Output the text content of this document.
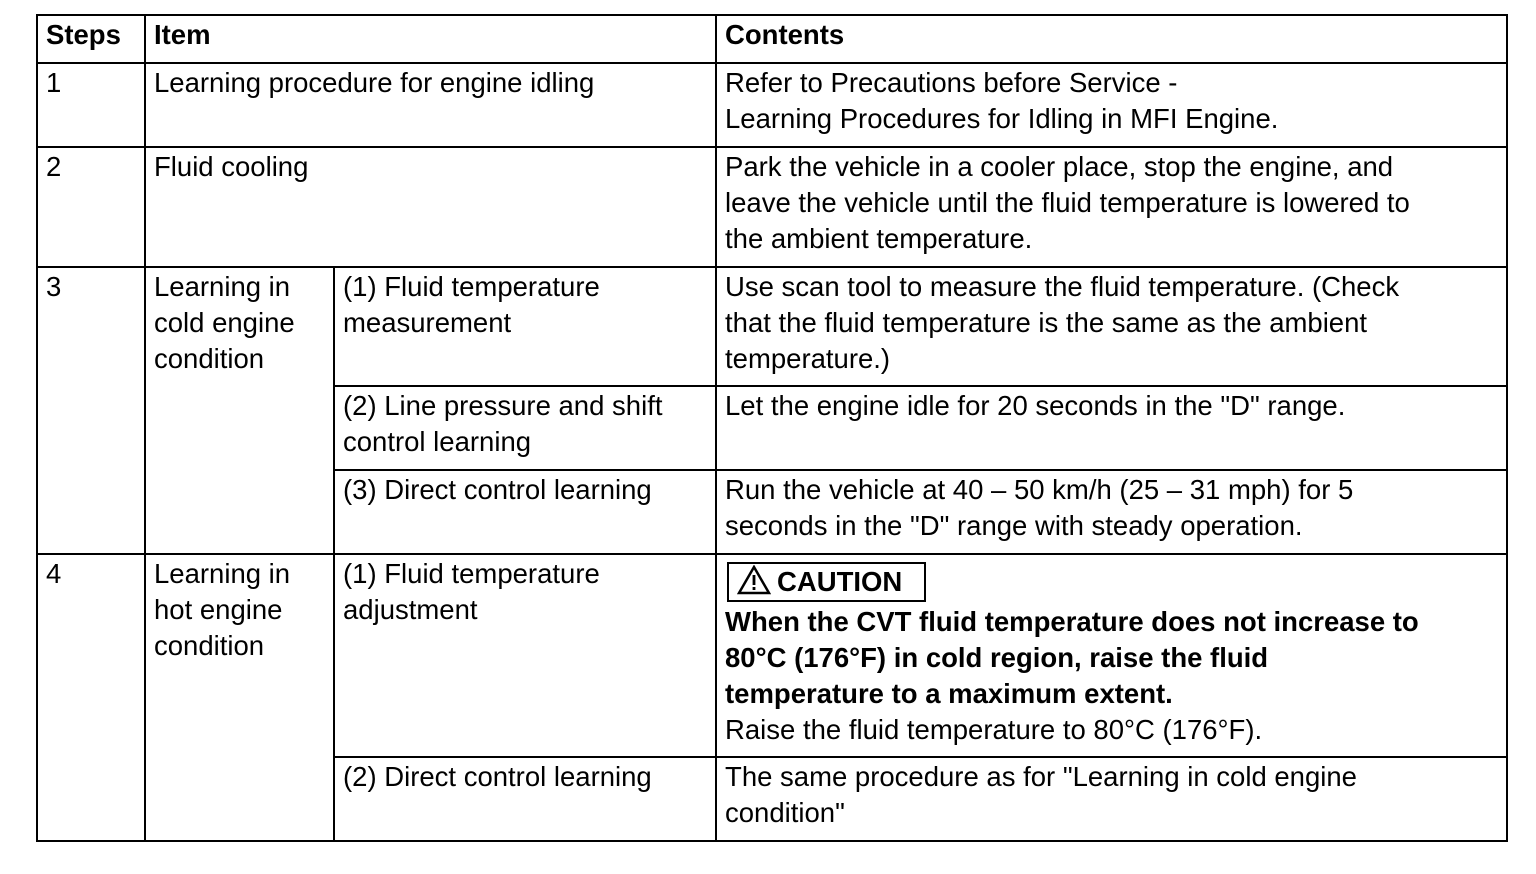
Steps	Item		Contents
1	Learning procedure for engine idling		Refer to Precautions before Service -
Learning Procedures for Idling in MFI Engine.

2	Fluid cooling		Park the vehicle in a cooler place, stop the engine, and
leave the vehicle until the fluid temperature is lowered to
the ambient temperature.

3	Learning in
cold engine
condition	(1) Fluid temperature
measurement	Use scan tool to measure the fluid temperature. (Check
that the fluid temperature is the same as the ambient
temperature.)

		(2) Line pressure and shift
control learning	Let the engine idle for 20 seconds in the "D" range.

		(3) Direct control learning	Run the vehicle at 40 – 50 km/h (25 – 31 mph) for 5
seconds in the "D" range with steady operation.

4	Learning in
hot engine
condition	(1) Fluid temperature
adjustment	CAUTION
When the CVT fluid temperature does not increase to
80°C (176°F) in cold region, raise the fluid
temperature to a maximum extent.
Raise the fluid temperature to 80°C (176°F).

		(2) Direct control learning	The same procedure as for "Learning in cold engine
condition"
